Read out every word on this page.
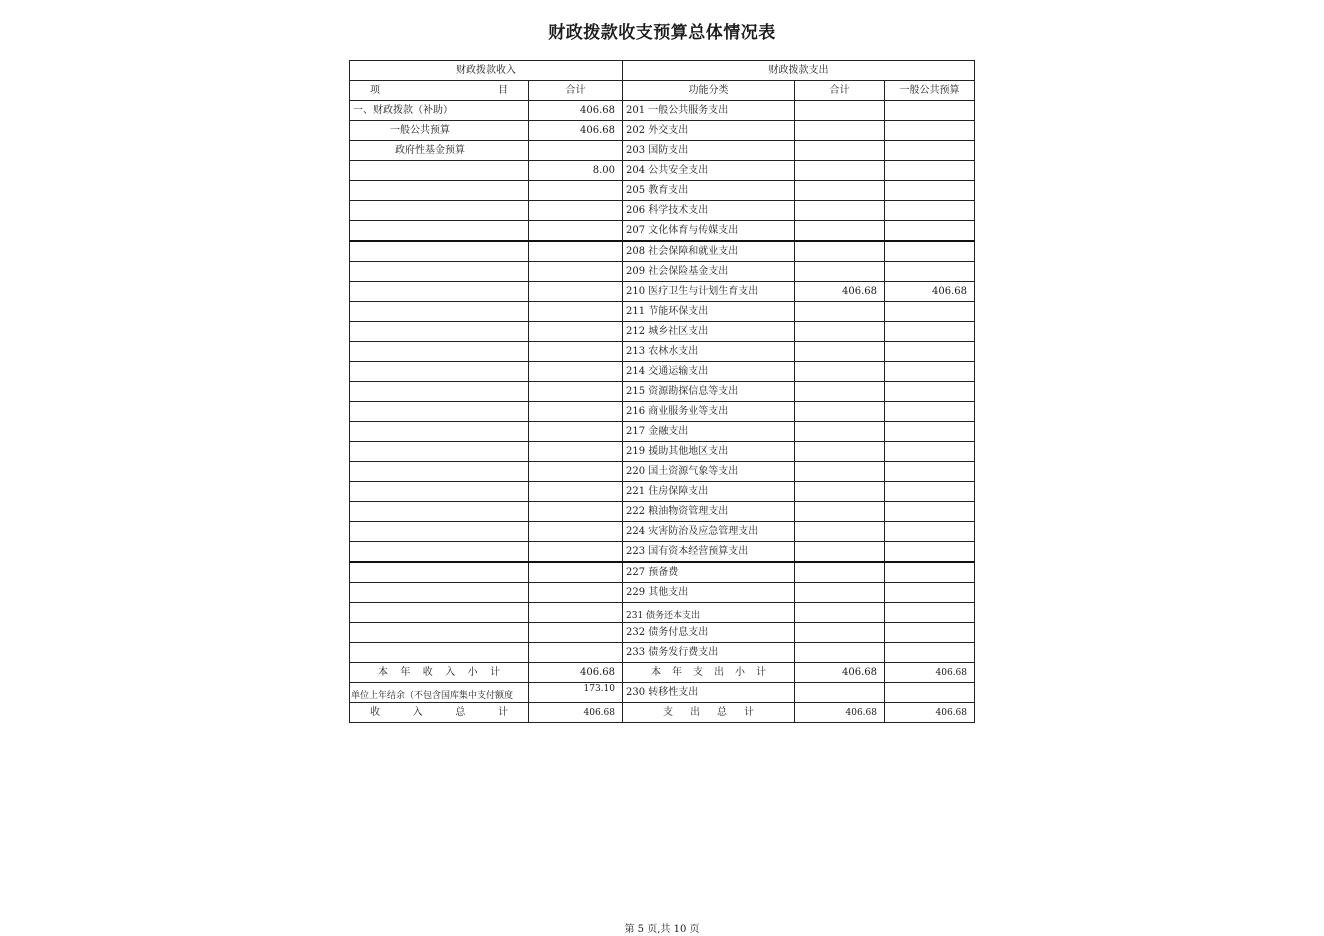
财政拨款收支预算总体情况表
财政拨款收入		财政拨款支出		
项 目	合计	功能分类	合计	一般公共预算
一、财政拨款（补助）	406.68	201 一般公共服务支出		
一般公共预算	406.68	202 外交支出		
政府性基金预算		203 国防支出		
	8.00	204 公共安全支出		
		205 教育支出		
		206 科学技术支出		
		207 文化体育与传媒支出		
		208 社会保障和就业支出		
		209 社会保险基金支出		
		210 医疗卫生与计划生育支出	406.68	406.68
		211 节能环保支出		
		212 城乡社区支出		
		213 农林水支出		
		214 交通运输支出		
		215 资源勘探信息等支出		
		216 商业服务业等支出		
		217 金融支出		
		219 援助其他地区支出		
		220 国土资源气象等支出		
		221 住房保障支出		
		222 粮油物资管理支出		
		224 灾害防治及应急管理支出		
		223 国有资本经营预算支出		
		227 预备费		
		229 其他支出		
		231 债务还本支出		
		232 债务付息支出		
		233 债务发行费支出		
本年收入小计	406.68	本年支出小计	406.68	406.68
单位上年结余（不包含国库集中支付额度	173.10	230 转移性支出		
收入总计	406.68	支出总计	406.68	406.68
第 5 页,共 10 页
